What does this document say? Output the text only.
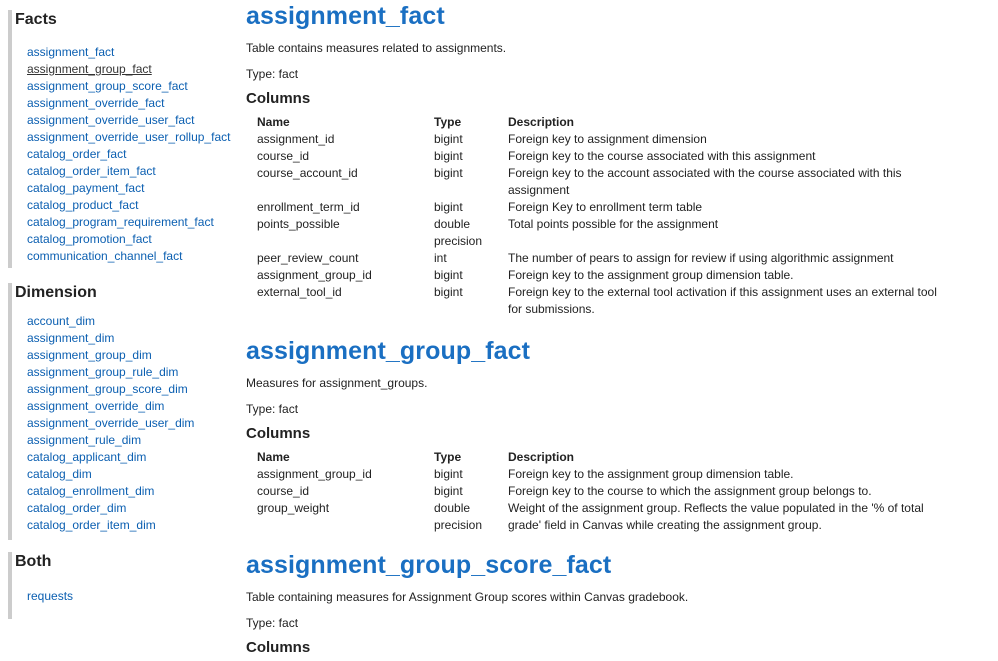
Facts
assignment_fact
assignment_group_fact
assignment_group_score_fact
assignment_override_fact
assignment_override_user_fact
assignment_override_user_rollup_fact
catalog_order_fact
catalog_order_item_fact
catalog_payment_fact
catalog_product_fact
catalog_program_requirement_fact
catalog_promotion_fact
communication_channel_fact
Dimension
account_dim
assignment_dim
assignment_group_dim
assignment_group_rule_dim
assignment_group_score_dim
assignment_override_dim
assignment_override_user_dim
assignment_rule_dim
catalog_applicant_dim
catalog_dim
catalog_enrollment_dim
catalog_order_dim
catalog_order_item_dim
Both
requests
assignment_fact

Table contains measures related to assignments.

Type: fact

Columns
Name	Type	Description
assignment_id	bigint	Foreign key to assignment dimension
course_id	bigint	Foreign key to the course associated with this assignment
course_account_id	bigint	Foreign key to the account associated with the course associated with this assignment
enrollment_term_id	bigint	Foreign Key to enrollment term table
points_possible	double precision	Total points possible for the assignment
peer_review_count	int	The number of pears to assign for review if using algorithmic assignment
assignment_group_id	bigint	Foreign key to the assignment group dimension table.
external_tool_id	bigint	Foreign key to the external tool activation if this assignment uses an external tool for submissions.
assignment_group_fact

Measures for assignment_groups.

Type: fact

Columns
Name	Type	Description
assignment_group_id	bigint	Foreign key to the assignment group dimension table.
course_id	bigint	Foreign key to the course to which the assignment group belongs to.
group_weight	double precision	Weight of the assignment group. Reflects the value populated in the '% of total grade' field in Canvas while creating the assignment group.
assignment_group_score_fact

Table containing measures for Assignment Group scores within Canvas gradebook.

Type: fact

Columns
